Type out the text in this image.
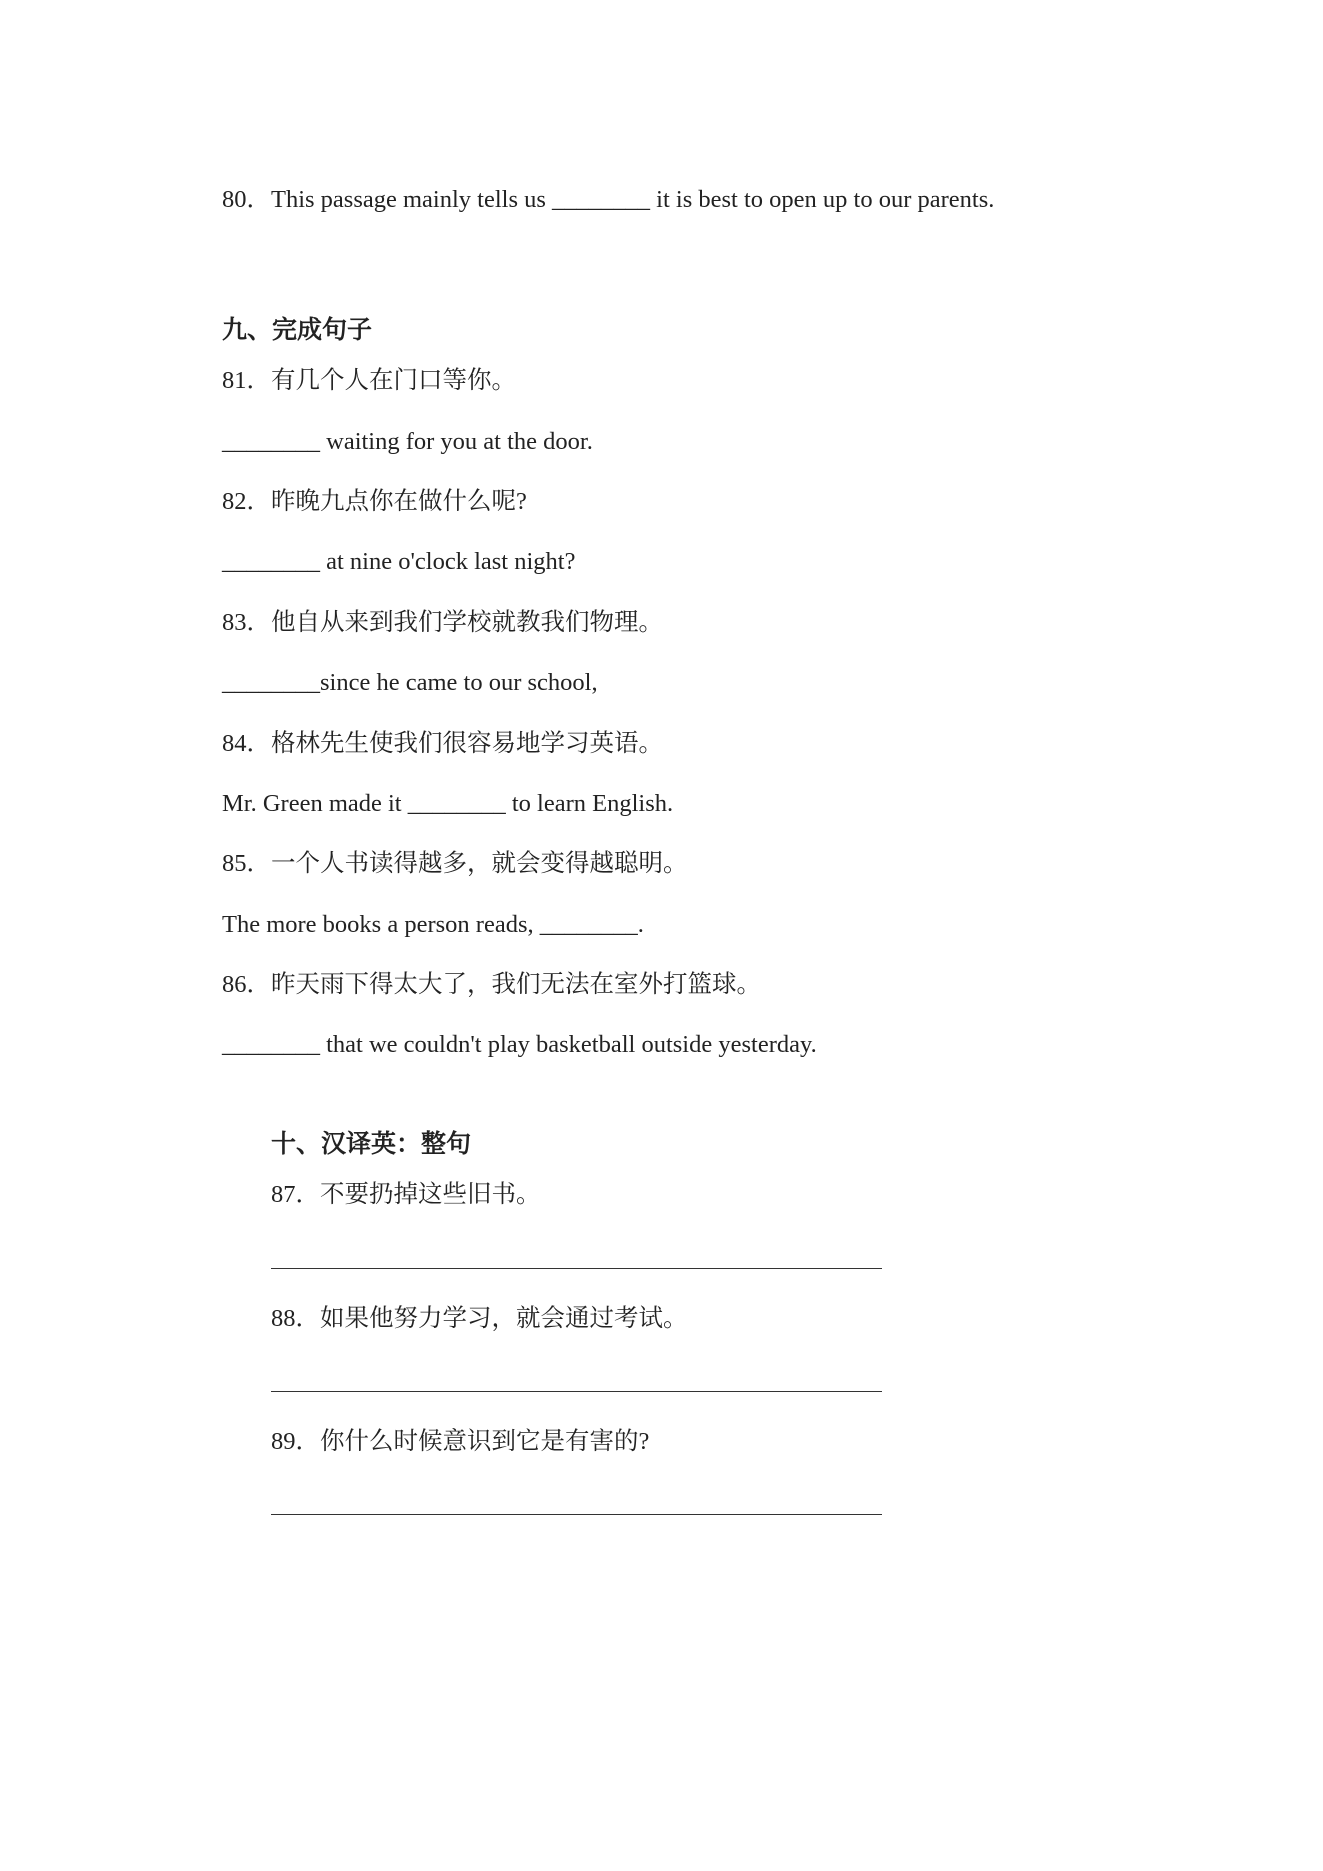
80．This passage mainly tells us ________ it is best to open up to our parents.
九、完成句子
81．有几个人在门口等你。
________ waiting for you at the door.
82．昨晚九点你在做什么呢?
________ at nine o'clock last night?
83．他自从来到我们学校就教我们物理。
________since he came to our school,
84．格林先生使我们很容易地学习英语。
Mr. Green made it ________ to learn English.
85．一个人书读得越多，就会变得越聪明。
The more books a person reads, ________.
86．昨天雨下得太大了，我们无法在室外打篮球。
________ that we couldn't play basketball outside yesterday.
十、汉译英：整句
87．不要扔掉这些旧书。
88．如果他努力学习，就会通过考试。
89．你什么时候意识到它是有害的?
